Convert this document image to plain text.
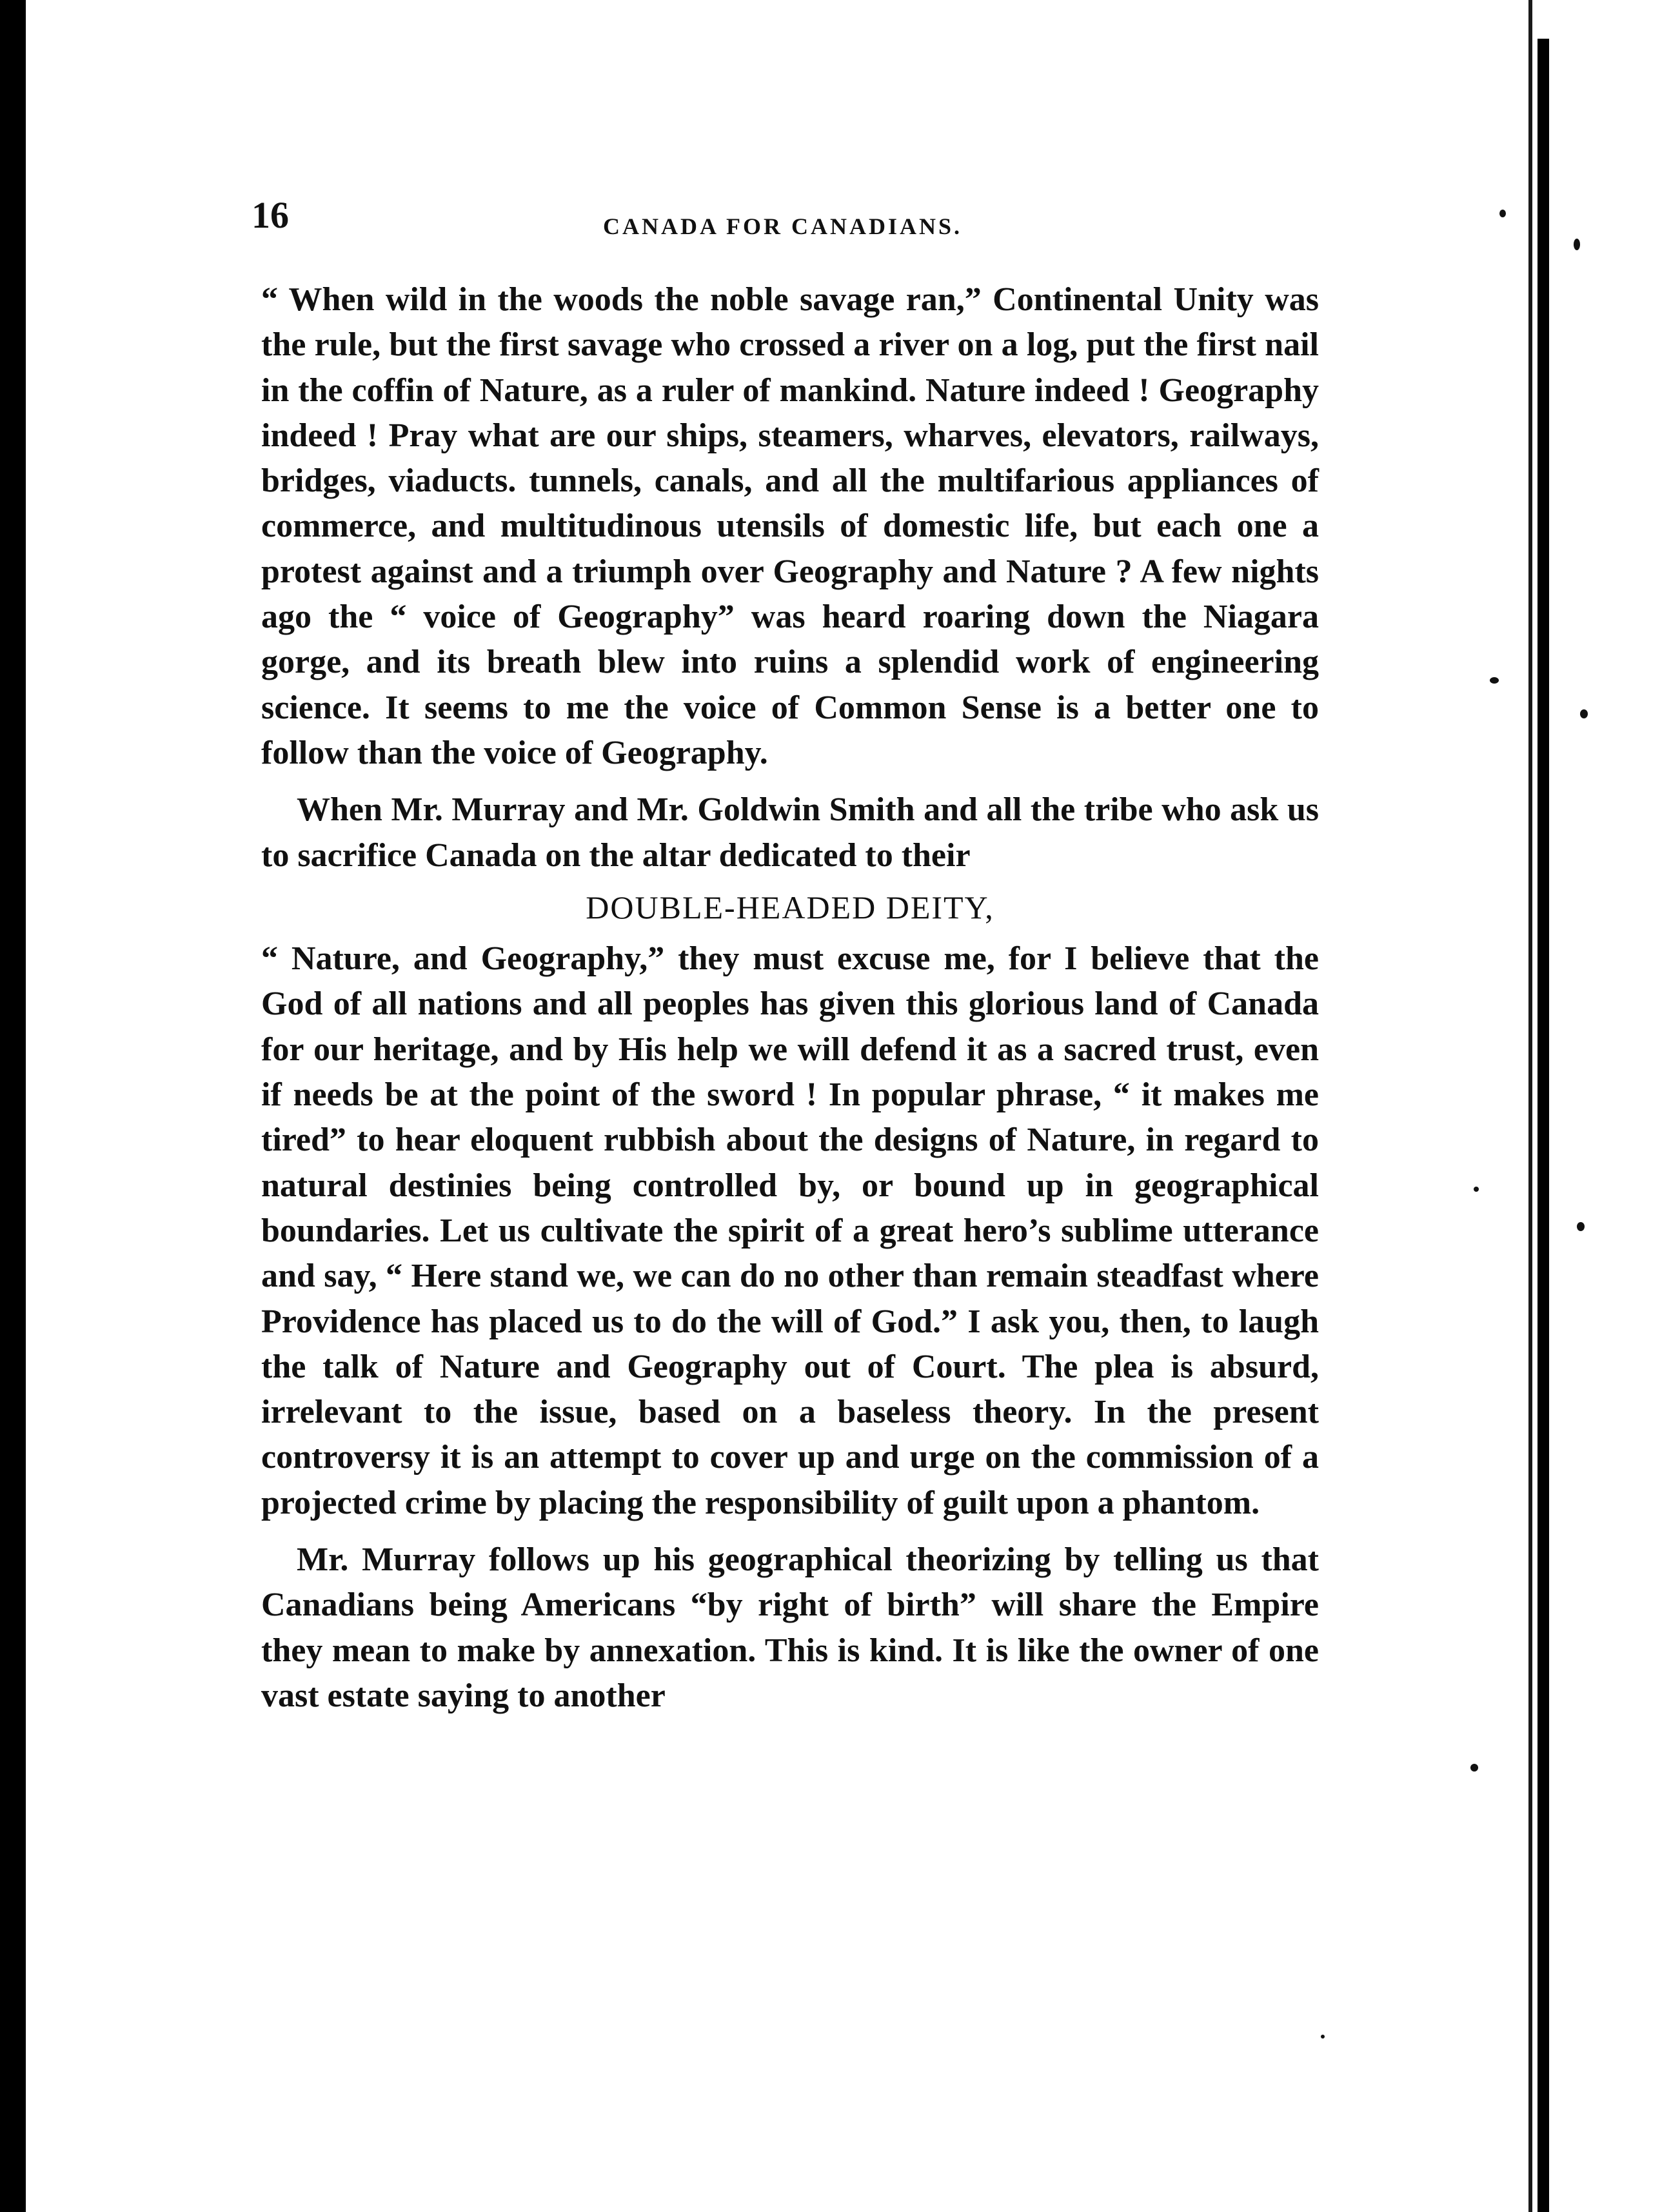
16	CANADA FOR CANADIANS.

“ When wild in the woods the noble savage ran,” Continental Unity was the rule, but the first savage who crossed a river on a log, put the first nail in the coffin of Nature, as a ruler of mankind. Nature indeed ! Geography indeed ! Pray what are our ships, steamers, wharves, elevators, railways, bridges, viaducts. tunnels, canals, and all the multifarious appliances of commerce, and multitudinous utensils of domestic life, but each one a protest against and a triumph over Geography and Nature ? A few nights ago the “ voice of Geography” was heard roaring down the Niagara gorge, and its breath blew into ruins a splendid work of engineering science. It seems to me the voice of Common Sense is a better one to follow than the voice of Geography.

When Mr. Murray and Mr. Goldwin Smith and all the tribe who ask us to sacrifice Canada on the altar dedicated to their

DOUBLE-HEADED DEITY,

“ Nature, and Geography,” they must excuse me, for I believe that the God of all nations and all peoples has given this glorious land of Canada for our heritage, and by His help we will defend it as a sacred trust, even if needs be at the point of the sword ! In popular phrase, “ it makes me tired” to hear eloquent rubbish about the designs of Nature, in regard to natural destinies being controlled by, or bound up in geographical boundaries. Let us cultivate the spirit of a great hero’s sublime utterance and say, “ Here stand we, we can do no other than remain steadfast where Providence has placed us to do the will of God.” I ask you, then, to laugh the talk of Nature and Geography out of Court. The plea is absurd, irrelevant to the issue, based on a baseless theory. In the present controversy it is an attempt to cover up and urge on the commission of a projected crime by placing the responsibility of guilt upon a phantom.

Mr. Murray follows up his geographical theorizing by telling us that Canadians being Americans “by right of birth” will share the Empire they mean to make by annexation. This is kind. It is like the owner of one vast estate saying to another
